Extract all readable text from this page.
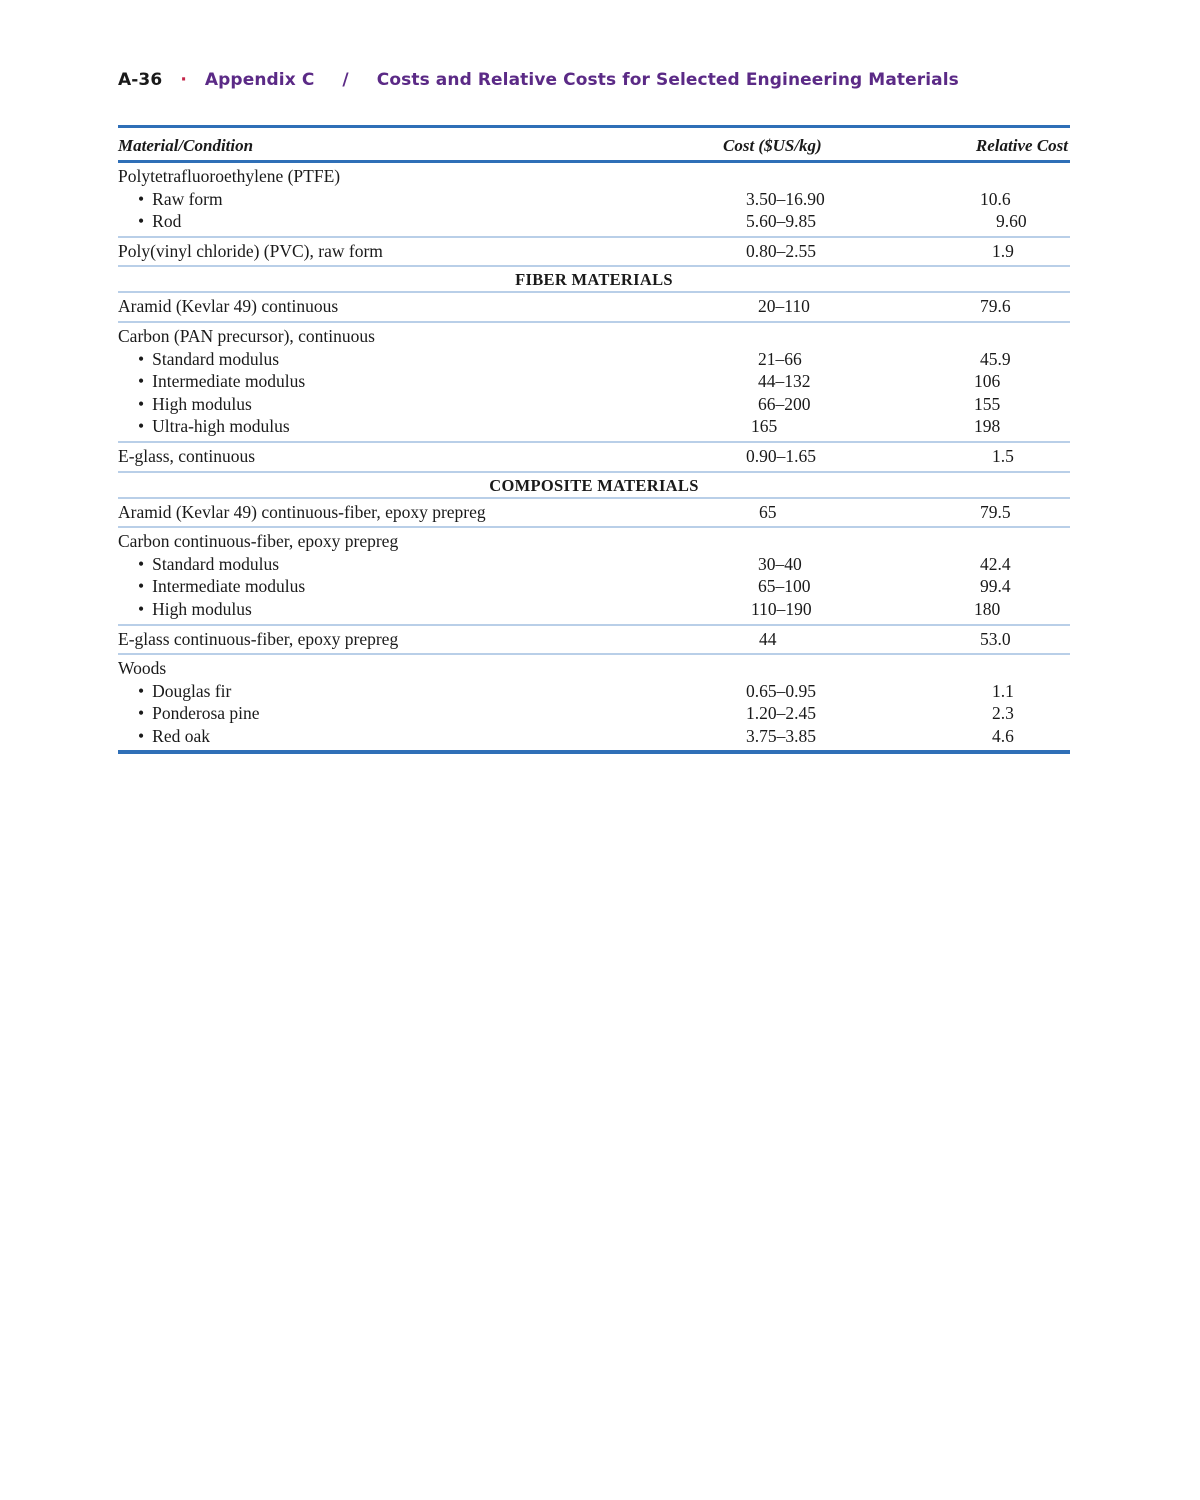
A-36 · Appendix C / Costs and Relative Costs for Selected Engineering Materials
Material/Condition	Cost ($US/kg)	Relative Cost
Polytetrafluoroethylene (PTFE)
• Raw form	3.50–16.90	10.6
• Rod	5.60–9.85	9.60
Poly(vinyl chloride) (PVC), raw form	0.80–2.55	1.9
FIBER MATERIALS
Aramid (Kevlar 49) continuous	20–110	79.6
Carbon (PAN precursor), continuous
• Standard modulus	21–66	45.9
• Intermediate modulus	44–132	106
• High modulus	66–200	155
• Ultra-high modulus	165	198
E-glass, continuous	0.90–1.65	1.5
COMPOSITE MATERIALS
Aramid (Kevlar 49) continuous-fiber, epoxy prepreg	65	79.5
Carbon continuous-fiber, epoxy prepreg
• Standard modulus	30–40	42.4
• Intermediate modulus	65–100	99.4
• High modulus	110–190	180
E-glass continuous-fiber, epoxy prepreg	44	53.0
Woods
• Douglas fir	0.65–0.95	1.1
• Ponderosa pine	1.20–2.45	2.3
• Red oak	3.75–3.85	4.6
